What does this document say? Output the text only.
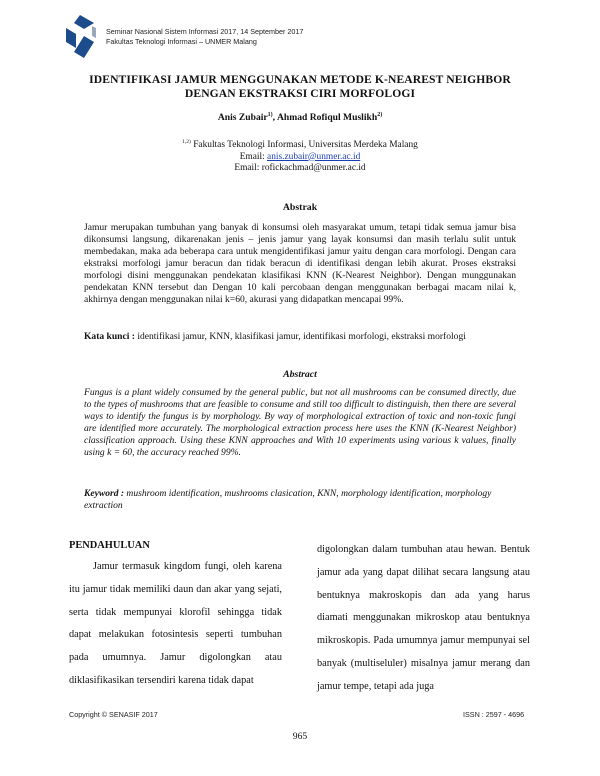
Seminar Nasional Sistem Informasi 2017, 14 September 2017
Fakultas Teknologi Informasi – UNMER Malang
IDENTIFIKASI JAMUR MENGGUNAKAN METODE K-NEAREST NEIGHBOR
DENGAN EKSTRAKSI CIRI MORFOLOGI
Anis Zubair$^{1)}$, Ahmad Rofiqul Muslikh$^{2)}$
$^{1,2)}$ Fakultas Teknologi Informasi, Universitas Merdeka Malang
Email: anis.zubair@unmer.ac.id
Email: rofickachmad@unmer.ac.id
Abstrak
Jamur merupakan tumbuhan yang banyak di konsumsi oleh masyarakat umum, tetapi tidak semua jamur bisa dikonsumsi langsung, dikarenakan jenis – jenis jamur yang layak konsumsi dan masih terlalu sulit untuk membedakan, maka ada beberapa cara untuk mengidentifikasi jamur yaitu dengan cara morfologi. Dengan cara ekstraksi morfologi jamur beracun dan tidak beracun di identifikasi dengan lebih akurat. Proses ekstraksi morfologi disini menggunakan pendekatan klasifikasi KNN (K-Nearest Neighbor). Dengan munggunakan pendekatan KNN tersebut dan Dengan 10 kali percobaan dengan menggunakan berbagai macam nilai k, akhirnya dengan menggunakan nilai k=60, akurasi yang didapatkan mencapai 99%.
Kata kunci : identifikasi jamur, KNN, klasifikasi jamur, identifikasi morfologi, ekstraksi morfologi
Abstract
Fungus is a plant widely consumed by the general public, but not all mushrooms can be consumed directly, due to the types of mushrooms that are feasible to consume and still too difficult to distinguish, then there are several ways to identify the fungus is by morphology. By way of morphological extraction of toxic and non-toxic fungi are identified more accurately. The morphological extraction process here uses the KNN (K-Nearest Neighbor) classification approach. Using these KNN approaches and With 10 experiments using various k values, finally using k = 60, the accuracy reached 99%.
Keyword : mushroom identification, mushrooms clasication, KNN, morphology identification, morphology extraction
PENDAHULUAN
Jamur termasuk kingdom fungi, oleh karena itu jamur tidak memiliki daun dan akar yang sejati, serta tidak mempunyai klorofil sehingga tidak dapat melakukan fotosintesis seperti tumbuhan pada umumnya. Jamur digolongkan atau diklasifikasikan tersendiri karena tidak dapat
digolongkan dalam tumbuhan atau hewan. Bentuk jamur ada yang dapat dilihat secara langsung atau bentuknya makroskopis dan ada yang harus diamati menggunakan mikroskop atau bentuknya mikroskopis. Pada umumnya jamur mempunyai sel banyak (multiseluler) misalnya jamur merang dan jamur tempe, tetapi ada juga
Copyright © SENASIF 2017	ISSN : 2597 - 4696
965
